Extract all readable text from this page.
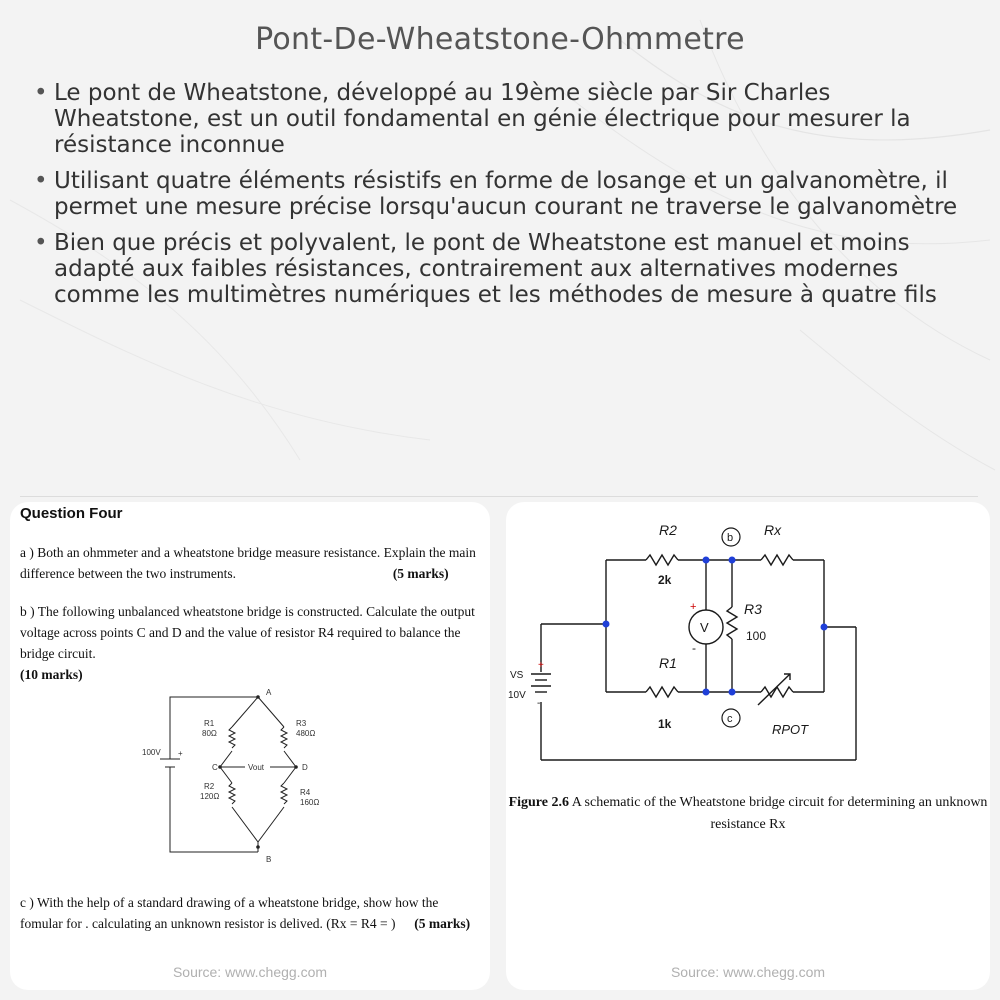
Pont-De-Wheatstone-Ohmmetre
• Le pont de Wheatstone, développé au 19ème siècle par Sir Charles Wheatstone, est un outil fondamental en génie électrique pour mesurer la résistance inconnue
• Utilisant quatre éléments résistifs en forme de losange et un galvanomètre, il permet une mesure précise lorsqu'aucun courant ne traverse le galvanomètre
• Bien que précis et polyvalent, le pont de Wheatstone est manuel et moins adapté aux faibles résistances, contrairement aux alternatives modernes comme les multimètres numériques et les méthodes de mesure à quatre fils
Question Four
a ) Both an ohmmeter and a wheatstone bridge measure resistance. Explain the main difference between the two instruments.	(5 marks)
b ) The following unbalanced wheatstone bridge is constructed. Calculate the output voltage across points C and D and the value of resistor R4 required to balance the bridge circuit.
(10 marks)
A
B
C	D
Vout
R1
80Ω
R2
120Ω
R3
480Ω
R4
160Ω
100V +
c ) With the help of a standard drawing of a wheatstone bridge, show how the fomular for . calculating an unknown resistor is delived. (Rx = R4 = ) (5 marks)
Source: www.chegg.com
R2
2k
Rx
R3
100
R1
1k	RPOT
b
c
V
+
-
VS
10V
+
-
Figure 2.6 A schematic of the Wheatstone bridge circuit for determining an unknown resistance Rx
Source: www.chegg.com
